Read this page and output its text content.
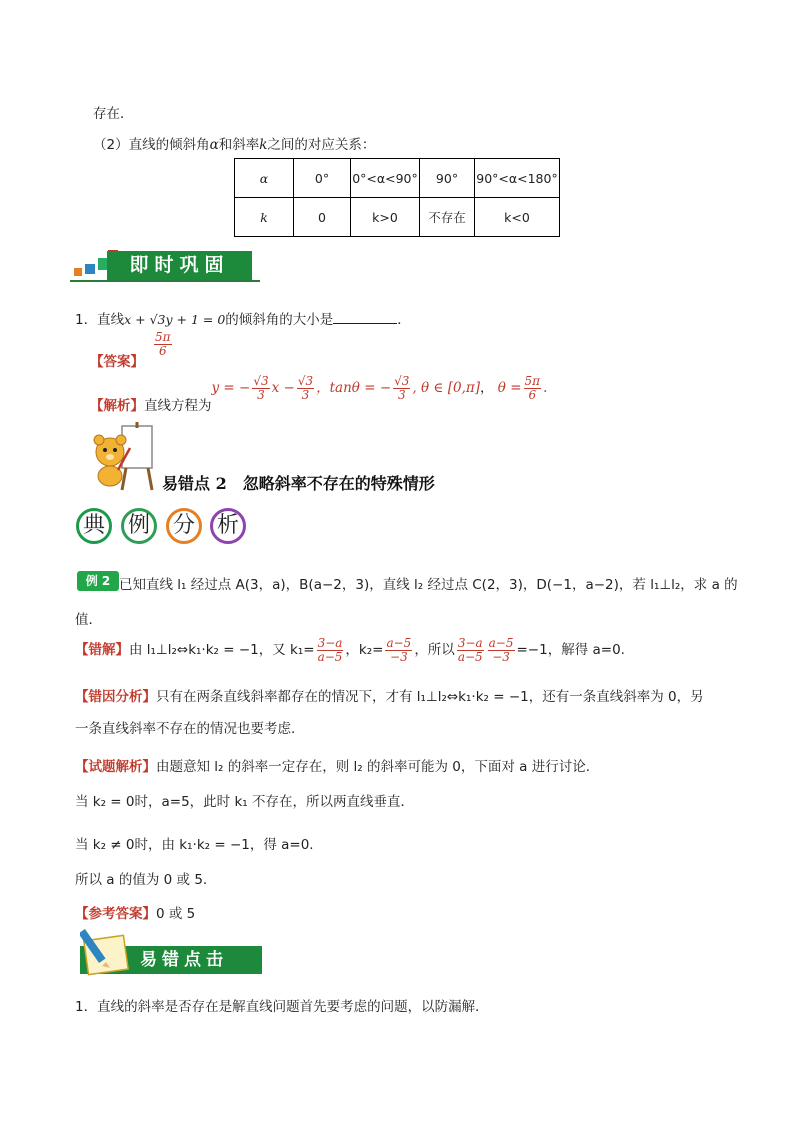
存在．
（2）直线的倾斜角α和斜率k之间的对应关系：
α	0°	0°<α<90°	90°	90°<α<180°
k	0	k>0	不存在	k<0
即时巩固
1．直线x + √3y + 1 = 0的倾斜角的大小是	．
【答案】
$\frac{5\pi}{6}$
【解析】直线方程为y = − $\frac{√3}{3}$ $x - \frac{√3}{3}$ ，tanθ = − $\frac{√3}{3}$ , θ ∈ [0,π]， $\theta = \frac{5\pi}{6}$ .
易错点 2　忽略斜率不存在的特殊情形
典	例	分 析
例 2 已知直线 l₁ 经过点 A(3，a)，B(a−2，3)，直线 l₂ 经过点 C(2，3)，D(−1，a−2)，若 l₁⊥l₂，求 a 的
值．
【错解】由 l₁⊥l₂⇔k₁·k₂ = −1，又 $k_1= \frac{3-a}{a-5}$ ，$k_2= \frac{a-5}{-3}$ ，所以 $\frac{3-a}{a-5} \frac{a-5}{-3} =-1$，解得 a=0.
【错因分析】只有在两条直线斜率都存在的情况下，才有 l₁⊥l₂⇔k₁·k₂ = −1，还有一条直线斜率为 0，另
一条直线斜率不存在的情况也要考虑．
【试题解析】由题意知 l₂ 的斜率一定存在，则 l₂ 的斜率可能为 0，下面对 a 进行讨论．
当 k₂ = 0时，a=5，此时 k₁ 不存在，所以两直线垂直．
当 k₂ ≠ 0时，由 k₁·k₂ = −1，得 a=0.
所以 a 的值为 0 或 5.
【参考答案】0 或 5
易错点击
1．直线的斜率是否存在是解直线问题首先要考虑的问题，以防漏解．
